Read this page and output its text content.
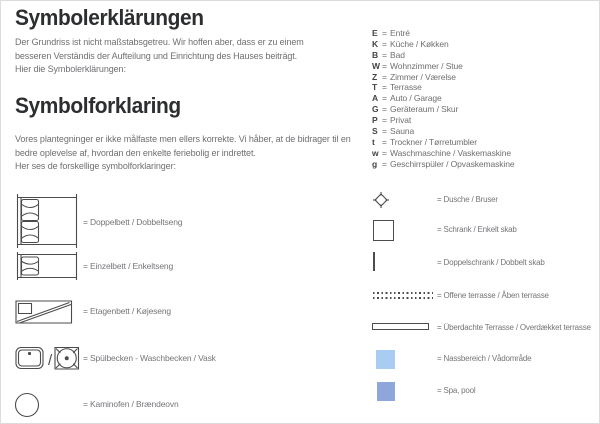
Symbolerklärungen
Der Grundriss ist nicht maßstabsgetreu. Wir hoffen aber, dass er zu einem besseren Verständis der Aufteilung und Einrichtung des Hauses beiträgt.
Hier die Symbolerklärungen:
Symbolforklaring
Vores plantegninger er ikke målfaste men ellers korrekte. Vi håber, at de bidrager til en bedre oplevelse af, hvordan den enkelte feriebolig er indrettet.
Her ses de forskellige symbolforklaringer:
= Doppelbett / Dobbeltseng
= Einzelbett / Enkeltseng
= Etagenbett / Køjeseng
/	= Spülbecken - Waschbecken / Vask
= Kaminofen / Brændeovn
E = Entré
K = Küche / Køkken
B = Bad
W = Wohnzimmer / Stue
Z = Zimmer / Værelse
T = Terrasse
A = Auto / Garage
G = Geräteraum / Skur
P = Privat
S = Sauna
t = Trockner / Tørretumbler
w = Waschmaschine / Vaskemaskine
g = Geschirrspüler / Opvaskemaskine
= Dusche / Bruser
= Schrank / Enkelt skab
= Doppelschrank / Dobbelt skab
= Offene terrasse / Åben terrasse
= Überdachte Terrasse / Overdækket terrasse
= Nassbereich / Vådområde
= Spa, pool
